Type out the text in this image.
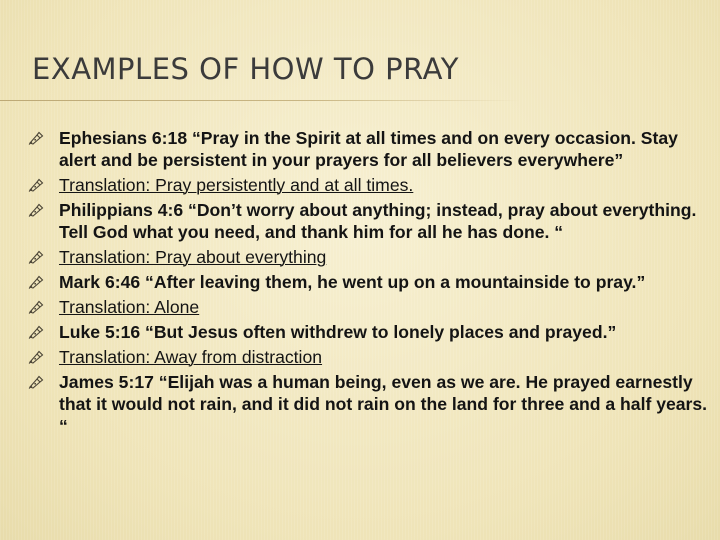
EXAMPLES OF HOW TO PRAY
Ephesians 6:18 “Pray in the Spirit at all times and on every occasion. Stay alert and be persistent in your prayers for all believers everywhere”
Translation: Pray persistently and at all times.
Philippians 4:6 “Don’t worry about anything; instead, pray about everything. Tell God what you need, and thank him for all he has done. “
Translation: Pray about everything
Mark 6:46 “After leaving them, he went up on a mountainside to pray.”
Translation: Alone
Luke 5:16 “But Jesus often withdrew to lonely places and prayed.”
Translation: Away from distraction
James 5:17 “Elijah was a human being, even as we are. He prayed earnestly that it would not rain, and it did not rain on the land for three and a half years. “
